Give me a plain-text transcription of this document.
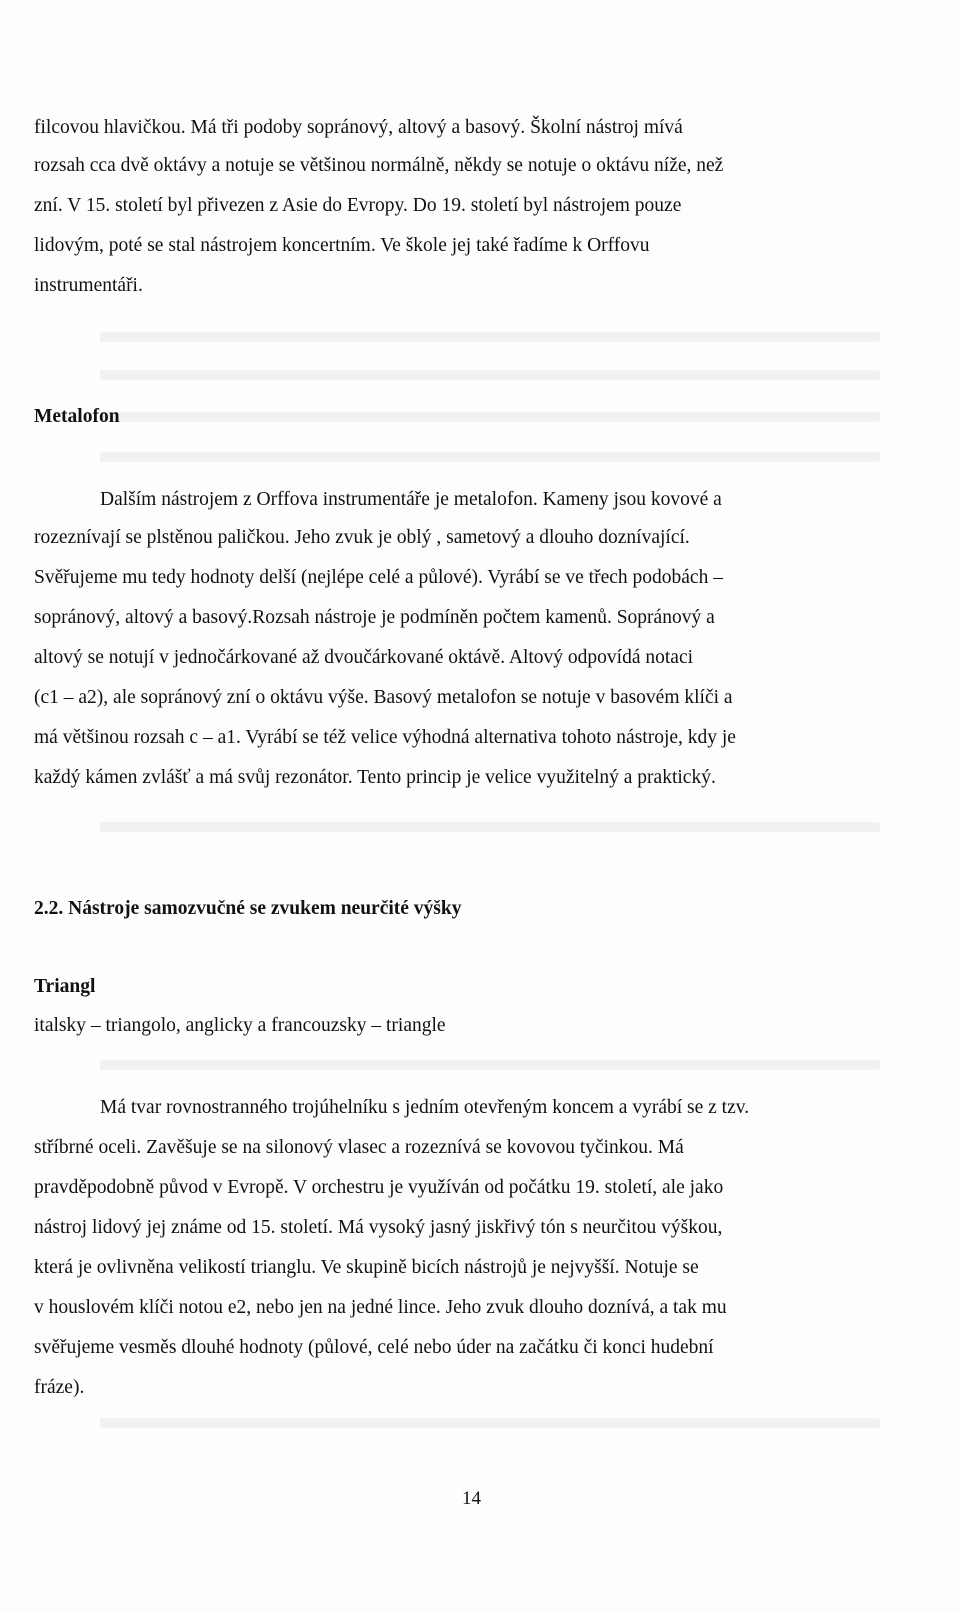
filcovou hlavičkou. Má tři podoby sopránový, altový a basový. Školní nástroj mívá
rozsah cca dvě oktávy a notuje se většinou normálně, někdy se notuje o oktávu níže, než
zní. V 15. století byl přivezen z Asie do Evropy. Do 19. století byl nástrojem pouze
lidovým, poté se stal nástrojem koncertním. Ve škole jej také řadíme k Orffovu
instrumentáři.
Metalofon
Dalším nástrojem z Orffova instrumentáře je metalofon. Kameny jsou kovové a
rozeznívají se plstěnou paličkou. Jeho zvuk je oblý , sametový a dlouho doznívající.
Svěřujeme mu tedy hodnoty delší (nejlépe celé a půlové). Vyrábí se ve třech podobách –
sopránový, altový a basový.Rozsah nástroje je podmíněn počtem kamenů. Sopránový a
altový se notují v jednočárkované až dvoučárkované oktávě. Altový odpovídá notaci
(c1 – a2), ale sopránový zní o oktávu výše. Basový metalofon se notuje v basovém klíči a
má většinou rozsah c – a1. Vyrábí se též velice výhodná alternativa tohoto nástroje, kdy je
každý kámen zvlášť a má svůj rezonátor. Tento princip je velice využitelný a praktický.
2.2. Nástroje samozvučné se zvukem neurčité výšky
Triangl
italsky – triangolo, anglicky a francouzsky – triangle
Má tvar rovnostranného trojúhelníku s jedním otevřeným koncem a vyrábí se z tzv.
stříbrné oceli. Zavěšuje se na silonový vlasec a rozeznívá se kovovou tyčinkou. Má
pravděpodobně původ v Evropě. V orchestru je využíván od počátku 19. století, ale jako
nástroj lidový jej známe od 15. století. Má vysoký jasný jiskřivý tón s neurčitou výškou,
která je ovlivněna velikostí trianglu. Ve skupině bicích nástrojů je nejvyšší. Notuje se
v houslovém klíči notou e2, nebo jen na jedné lince. Jeho zvuk dlouho doznívá, a tak mu
svěřujeme vesměs dlouhé hodnoty (půlové, celé nebo úder na začátku či konci hudební
fráze).
14
